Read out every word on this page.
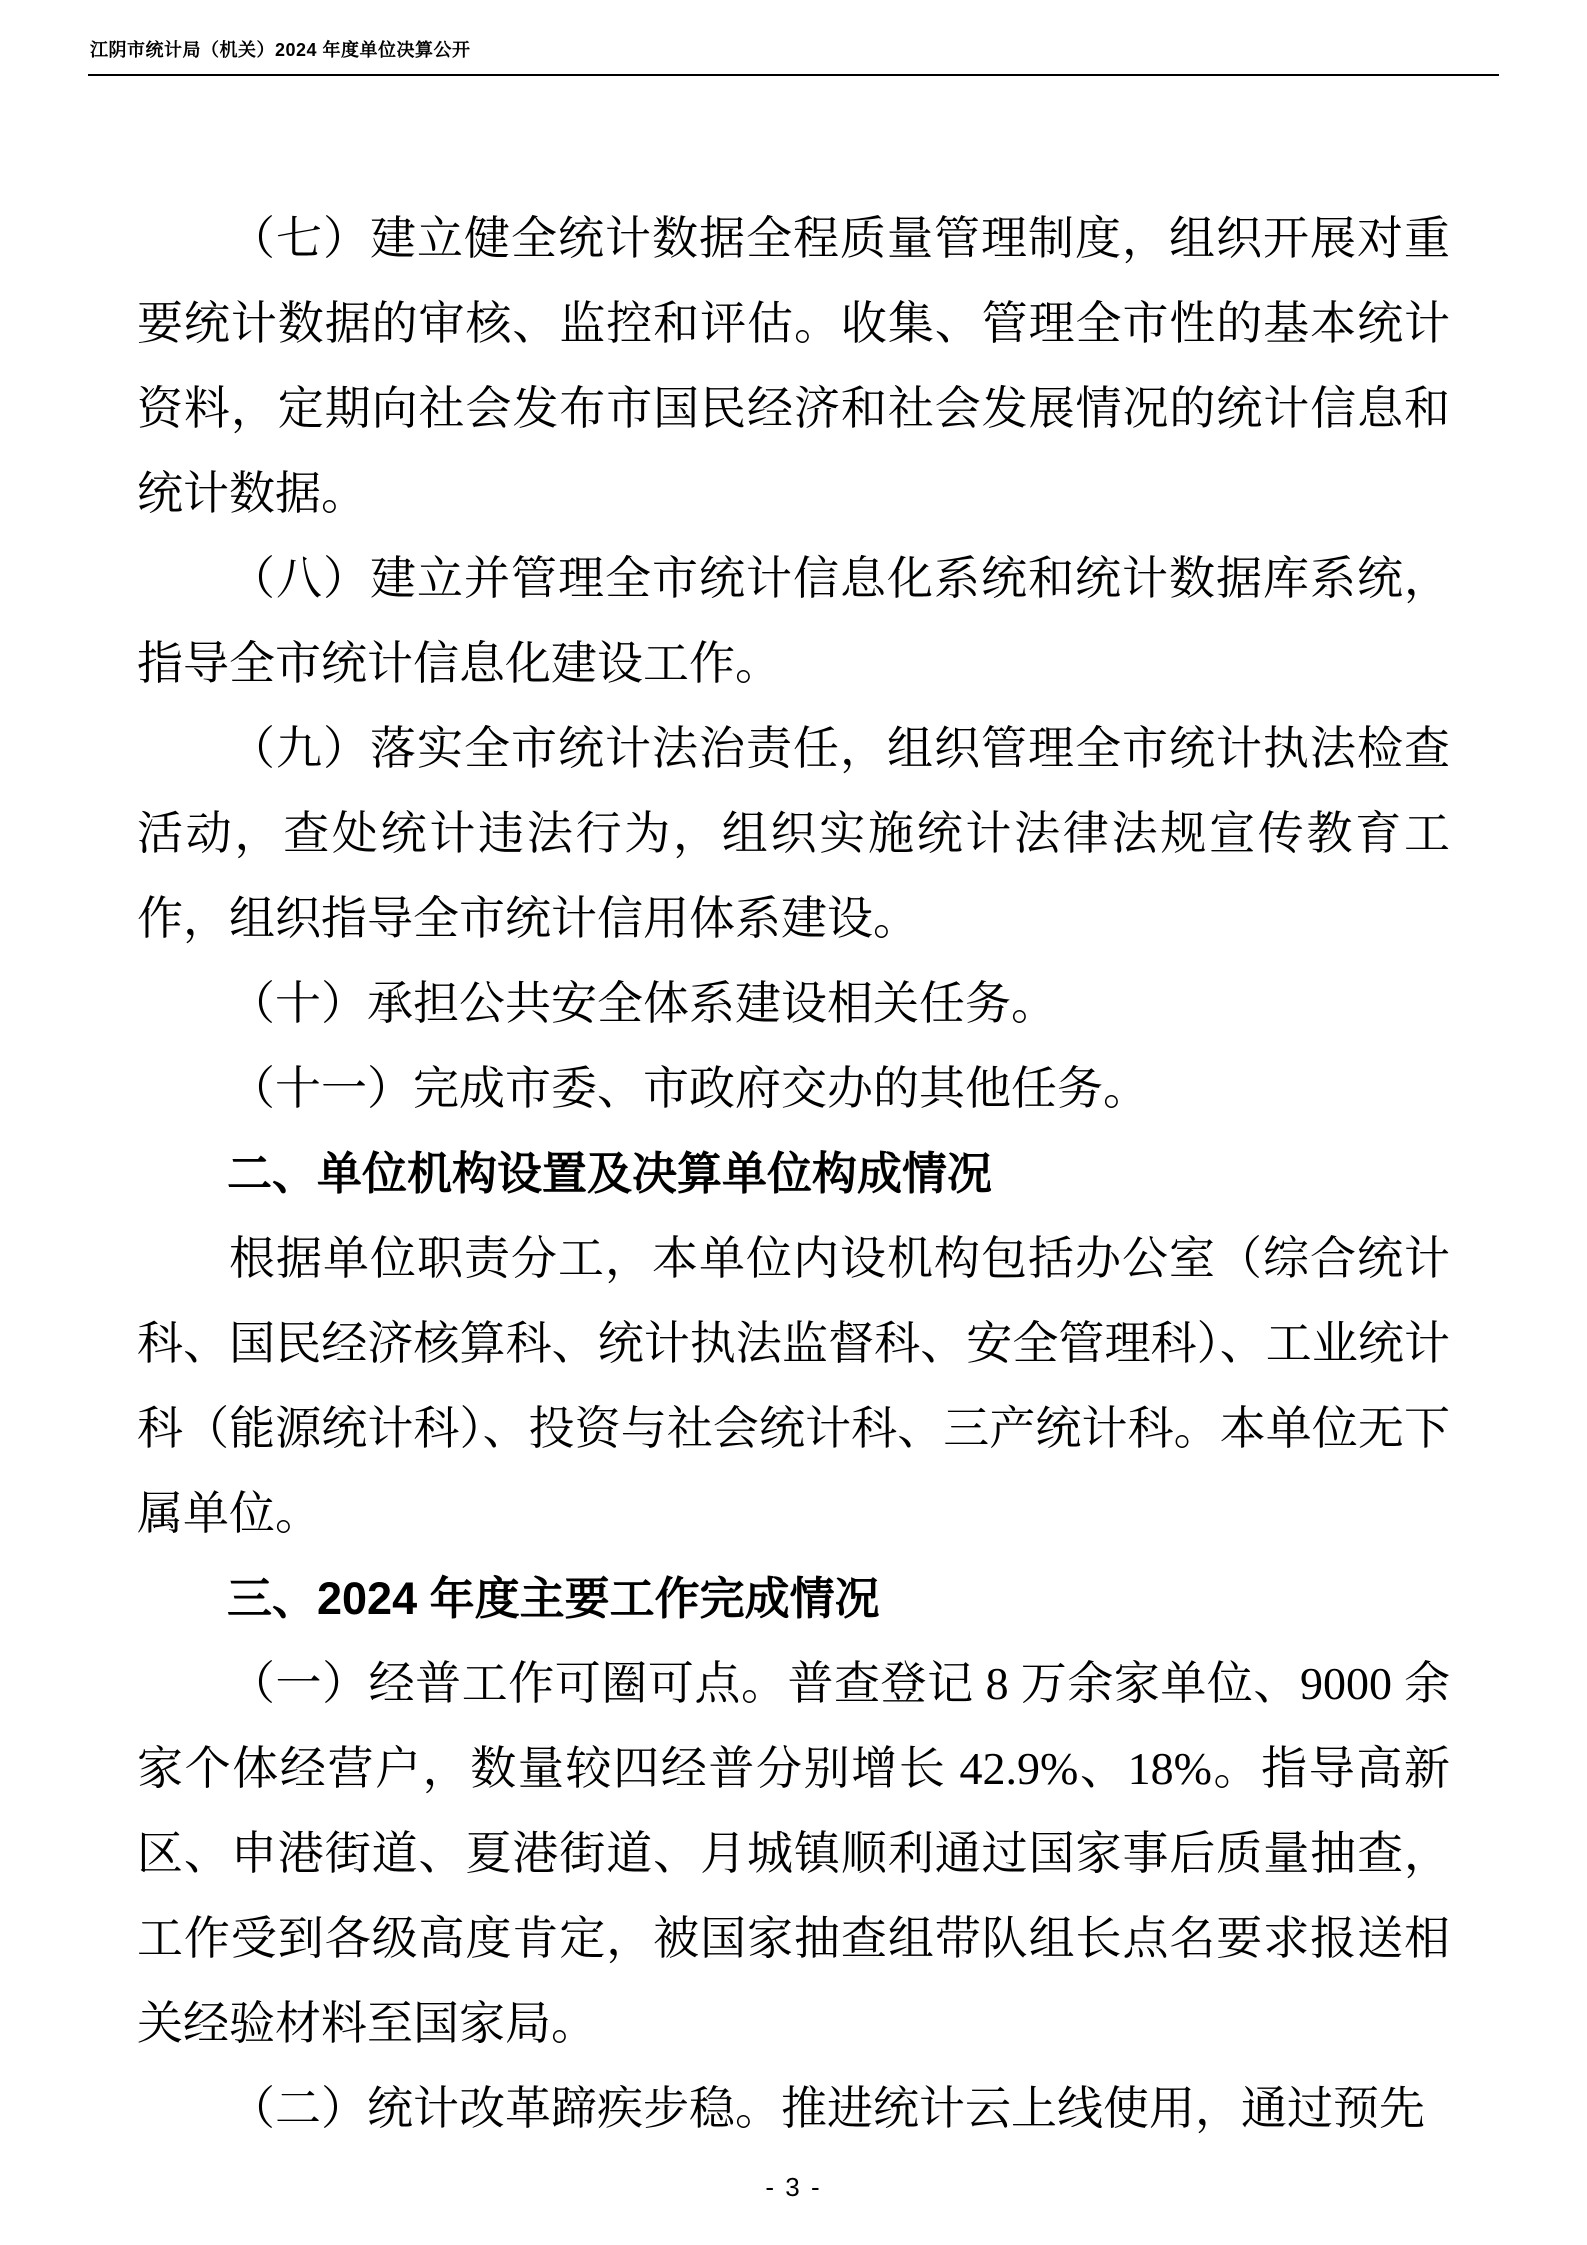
江阴市统计局（机关）2024 年度单位决算公开

（七）建立健全统计数据全程质量管理制度，组织开展对重要统计数据的审核、监控和评估。收集、管理全市性的基本统计资料，定期向社会发布市国民经济和社会发展情况的统计信息和统计数据。

（八）建立并管理全市统计信息化系统和统计数据库系统，指导全市统计信息化建设工作。

（九）落实全市统计法治责任，组织管理全市统计执法检查活动，查处统计违法行为，组织实施统计法律法规宣传教育工作，组织指导全市统计信用体系建设。

（十）承担公共安全体系建设相关任务。

（十一）完成市委、市政府交办的其他任务。

二、单位机构设置及决算单位构成情况

根据单位职责分工，本单位内设机构包括办公室（综合统计科、国民经济核算科、统计执法监督科、安全管理科）、工业统计科（能源统计科）、投资与社会统计科、三产统计科。本单位无下属单位。

三、2024 年度主要工作完成情况

（一）经普工作可圈可点。普查登记 8 万余家单位、9000 余家个体经营户，数量较四经普分别增长 42.9%、18%。指导高新区、申港街道、夏港街道、月城镇顺利通过国家事后质量抽查，工作受到各级高度肯定，被国家抽查组带队组长点名要求报送相关经验材料至国家局。

（二）统计改革蹄疾步稳。推进统计云上线使用，通过预先

- 3 -
